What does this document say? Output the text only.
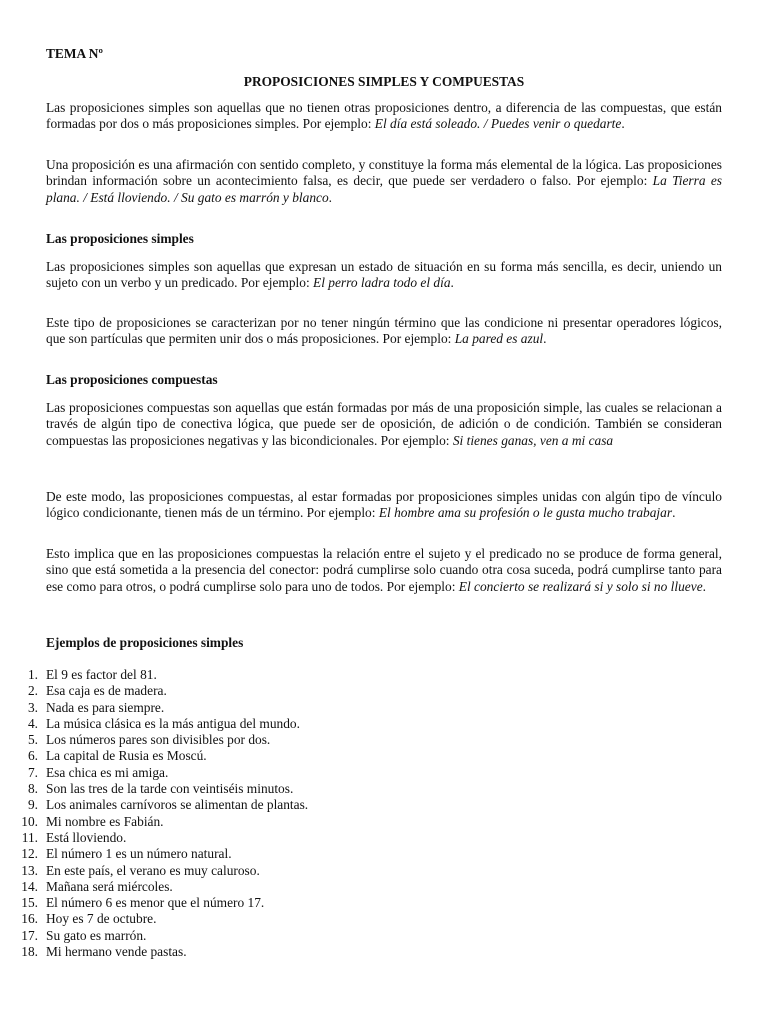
TEMA Nº

PROPOSICIONES SIMPLES Y COMPUESTAS

Las proposiciones simples son aquellas que no tienen otras proposiciones dentro, a diferencia de las compuestas, que están formadas por dos o más proposiciones simples. Por ejemplo: El día está soleado. / Puedes venir o quedarte.

Una proposición es una afirmación con sentido completo, y constituye la forma más elemental de la lógica. Las proposiciones brindan información sobre un acontecimiento falsa, es decir, que puede ser verdadero o falso. Por ejemplo: La Tierra es plana. / Está lloviendo. / Su gato es marrón y blanco.

Las proposiciones simples

Las proposiciones simples son aquellas que expresan un estado de situación en su forma más sencilla, es decir, uniendo un sujeto con un verbo y un predicado. Por ejemplo: El perro ladra todo el día.

Este tipo de proposiciones se caracterizan por no tener ningún término que las condicione ni presentar operadores lógicos, que son partículas que permiten unir dos o más proposiciones. Por ejemplo: La pared es azul.

Las proposiciones compuestas

Las proposiciones compuestas son aquellas que están formadas por más de una proposición simple, las cuales se relacionan a través de algún tipo de conectiva lógica, que puede ser de oposición, de adición o de condición. También se consideran compuestas las proposiciones negativas y las bicondicionales. Por ejemplo: Si tienes ganas, ven a mi casa

De este modo, las proposiciones compuestas, al estar formadas por proposiciones simples unidas con algún tipo de vínculo lógico condicionante, tienen más de un término. Por ejemplo: El hombre ama su profesión o le gusta mucho trabajar.

Esto implica que en las proposiciones compuestas la relación entre el sujeto y el predicado no se produce de forma general, sino que está sometida a la presencia del conector: podrá cumplirse solo cuando otra cosa suceda, podrá cumplirse tanto para ese como para otros, o podrá cumplirse solo para uno de todos. Por ejemplo: El concierto se realizará si y solo si no llueve.

Ejemplos de proposiciones simples

1. El 9 es factor del 81.
2. Esa caja es de madera.
3. Nada es para siempre.
4. La música clásica es la más antigua del mundo.
5. Los números pares son divisibles por dos.
6. La capital de Rusia es Moscú.
7. Esa chica es mi amiga.
8. Son las tres de la tarde con veintiséis minutos.
9. Los animales carnívoros se alimentan de plantas.
10. Mi nombre es Fabián.
11. Está lloviendo.
12. El número 1 es un número natural.
13. En este país, el verano es muy caluroso.
14. Mañana será miércoles.
15. El número 6 es menor que el número 17.
16. Hoy es 7 de octubre.
17. Su gato es marrón.
18. Mi hermano vende pastas.
